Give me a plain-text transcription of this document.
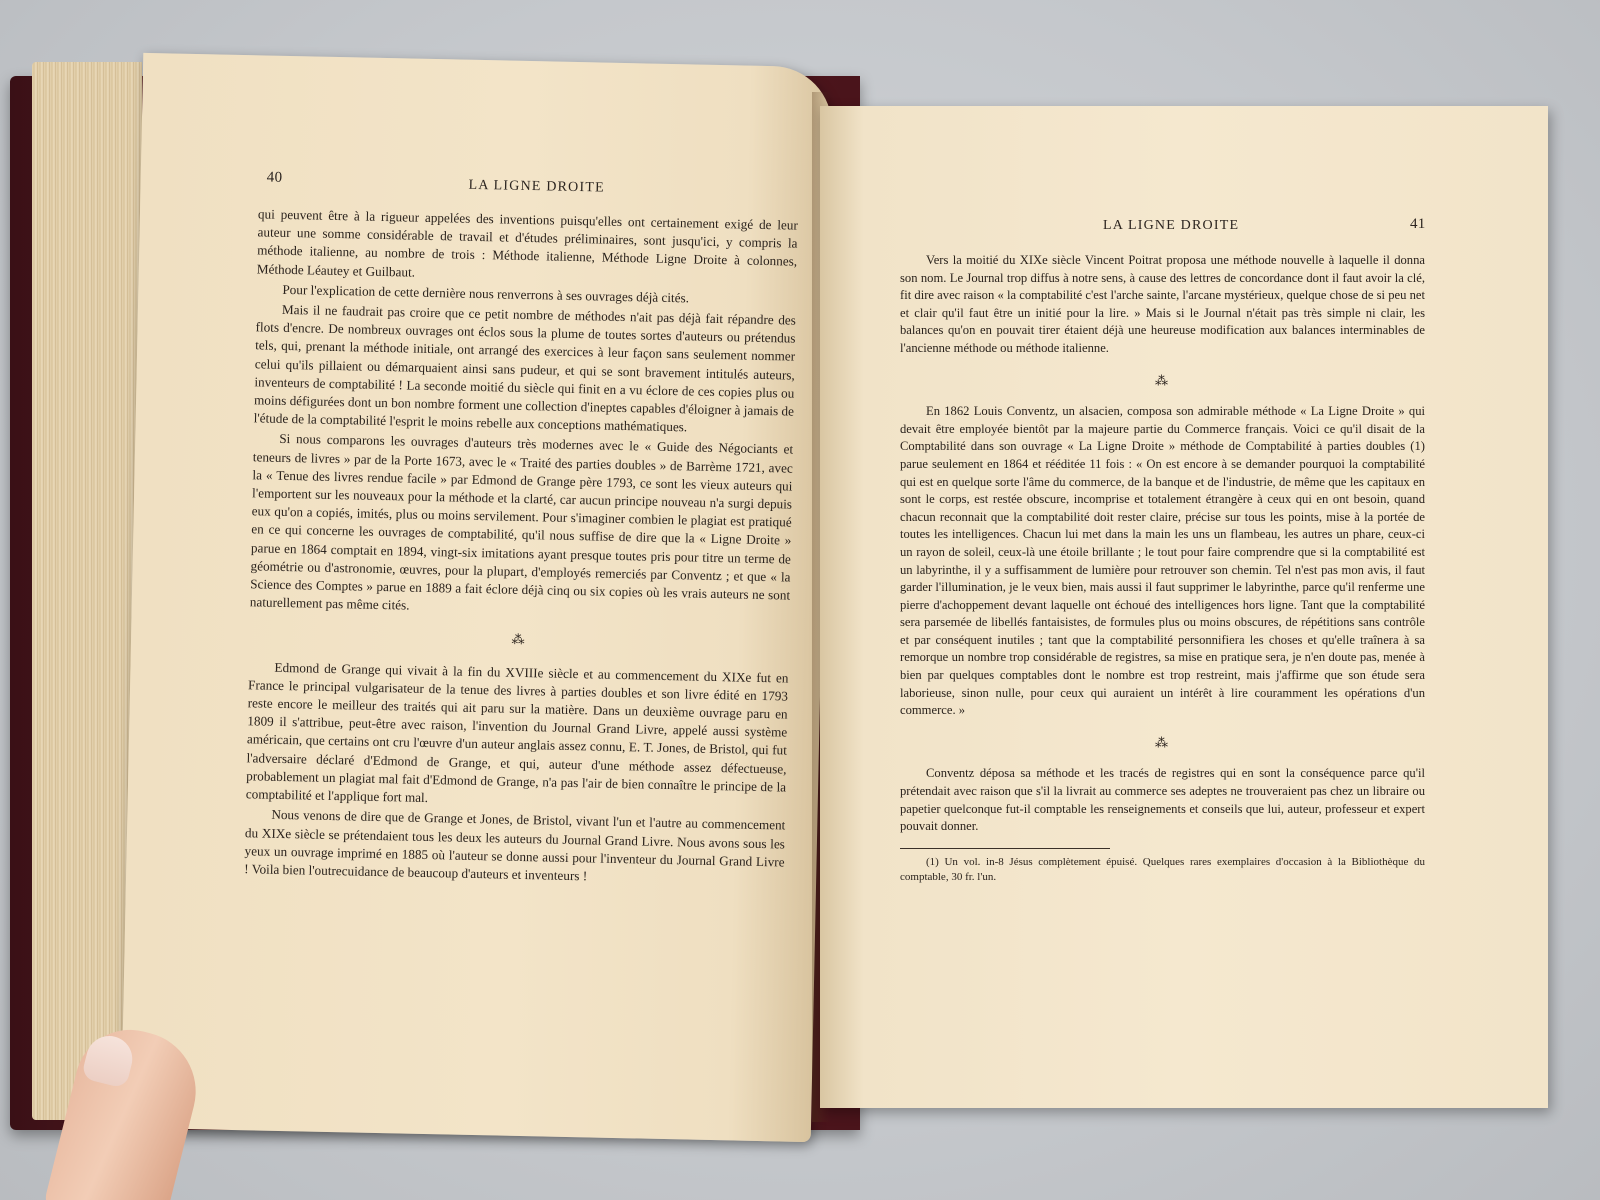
40
LA LIGNE DROITE

qui peuvent être à la rigueur appelées des inventions puisqu'elles ont certainement exigé de leur auteur une somme considérable de travail et d'études préliminaires, sont jusqu'ici, y compris la méthode italienne, au nombre de trois : Méthode italienne, Méthode Ligne Droite à colonnes, Méthode Léautey et Guilbaut.

Pour l'explication de cette dernière nous renverrons à ses ouvrages déjà cités.

Mais il ne faudrait pas croire que ce petit nombre de méthodes n'ait pas déjà fait répandre des flots d'encre. De nombreux ouvrages ont éclos sous la plume de toutes sortes d'auteurs ou prétendus tels, qui, prenant la méthode initiale, ont arrangé des exercices à leur façon sans seulement nommer celui qu'ils pillaient ou démarquaient ainsi sans pudeur, et qui se sont bravement intitulés auteurs, inventeurs de comptabilité ! La seconde moitié du siècle qui finit en a vu éclore de ces copies plus ou moins défigurées dont un bon nombre forment une collection d'ineptes capables d'éloigner à jamais de l'étude de la comptabilité l'esprit le moins rebelle aux conceptions mathématiques.

Si nous comparons les ouvrages d'auteurs très modernes avec le « Guide des Négociants et teneurs de livres » par de la Porte 1673, avec le « Traité des parties doubles » de Barrème 1721, avec la « Tenue des livres rendue facile » par Edmond de Grange père 1793, ce sont les vieux auteurs qui l'emportent sur les nouveaux pour la méthode et la clarté, car aucun principe nouveau n'a surgi depuis eux qu'on a copiés, imités, plus ou moins servilement. Pour s'imaginer combien le plagiat est pratiqué en ce qui concerne les ouvrages de comptabilité, qu'il nous suffise de dire que la « Ligne Droite » parue en 1864 comptait en 1894, vingt-six imitations ayant presque toutes pris pour titre un terme de géométrie ou d'astronomie, œuvres, pour la plupart, d'employés remerciés par Conventz ; et que « la Science des Comptes » parue en 1889 a fait éclore déjà cinq ou six copies où les vrais auteurs ne sont naturellement pas même cités.

⁂

Edmond de Grange qui vivait à la fin du XVIIIe siècle et au commencement du XIXe fut en France le principal vulgarisateur de la tenue des livres à parties doubles et son livre édité en 1793 reste encore le meilleur des traités qui ait paru sur la matière. Dans un deuxième ouvrage paru en 1809 il s'attribue, peut-être avec raison, l'invention du Journal Grand Livre, appelé aussi système américain, que certains ont cru l'œuvre d'un auteur anglais assez connu, E. T. Jones, de Bristol, qui fut l'adversaire déclaré d'Edmond de Grange, et qui, auteur d'une méthode assez défectueuse, probablement un plagiat mal fait d'Edmond de Grange, n'a pas l'air de bien connaître le principe de la comptabilité et l'applique fort mal.

Nous venons de dire que de Grange et Jones, de Bristol, vivant l'un et l'autre au commencement du XIXe siècle se prétendaient tous les deux les auteurs du Journal Grand Livre. Nous avons sous les yeux un ouvrage imprimé en 1885 où l'auteur se donne aussi pour l'inventeur du Journal Grand Livre ! Voila bien l'outrecuidance de beaucoup d'auteurs et inventeurs !

LA LIGNE DROITE	41

Vers la moitié du XIXe siècle Vincent Poitrat proposa une méthode nouvelle à laquelle il donna son nom. Le Journal trop diffus à notre sens, à cause des lettres de concordance dont il faut avoir la clé, fit dire avec raison « la comptabilité c'est l'arche sainte, l'arcane mystérieux, quelque chose de si peu net et clair qu'il faut être un initié pour la lire. » Mais si le Journal n'était pas très simple ni clair, les balances qu'on en pouvait tirer étaient déjà une heureuse modification aux balances interminables de l'ancienne méthode ou méthode italienne.

⁂

En 1862 Louis Conventz, un alsacien, composa son admirable méthode « La Ligne Droite » qui devait être employée bientôt par la majeure partie du Commerce français. Voici ce qu'il disait de la Comptabilité dans son ouvrage « La Ligne Droite » méthode de Comptabilité à parties doubles (1) parue seulement en 1864 et rééditée 11 fois : « On est encore à se demander pourquoi la comptabilité qui est en quelque sorte l'âme du commerce, de la banque et de l'industrie, de même que les capitaux en sont le corps, est restée obscure, incomprise et totalement étrangère à ceux qui en ont besoin, quand chacun reconnait que la comptabilité doit rester claire, précise sur tous les points, mise à la portée de toutes les intelligences. Chacun lui met dans la main les uns un flambeau, les autres un phare, ceux-ci un rayon de soleil, ceux-là une étoile brillante ; le tout pour faire comprendre que si la comptabilité est un labyrinthe, il y a suffisamment de lumière pour retrouver son chemin. Tel n'est pas mon avis, il faut garder l'illumination, je le veux bien, mais aussi il faut supprimer le labyrinthe, parce qu'il renferme une pierre d'achoppement devant laquelle ont échoué des intelligences hors ligne. Tant que la comptabilité sera parsemée de libellés fantaisistes, de formules plus ou moins obscures, de répétitions sans contrôle et par conséquent inutiles ; tant que la comptabilité personnifiera les choses et qu'elle traînera à sa remorque un nombre trop considérable de registres, sa mise en pratique sera, je n'en doute pas, menée à bien par quelques comptables dont le nombre est trop restreint, mais j'affirme que son étude sera laborieuse, sinon nulle, pour ceux qui auraient un intérêt à lire couramment les opérations d'un commerce. »

⁂

Conventz déposa sa méthode et les tracés de registres qui en sont la conséquence parce qu'il prétendait avec raison que s'il la livrait au commerce ses adeptes ne trouveraient pas chez un libraire ou papetier quelconque fut-il comptable les renseignements et conseils que lui, auteur, professeur et expert pouvait donner.

(1) Un vol. in-8 Jésus complètement épuisé. Quelques rares exemplaires d'occasion à la Bibliothèque du comptable, 30 fr. l'un.
